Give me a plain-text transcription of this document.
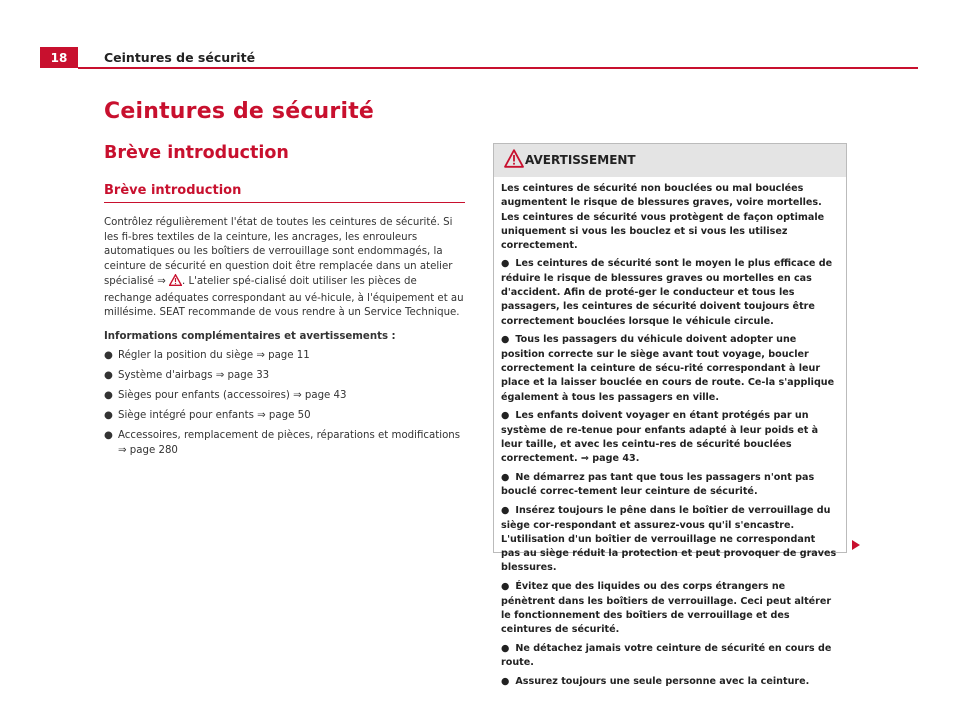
18	Ceintures de sécurité
Ceintures de sécurité
Brève introduction
Brève introduction

Contrôlez régulièrement l'état de toutes les ceintures de sécurité. Si les fi-bres textiles de la ceinture, les ancrages, les enrouleurs automatiques ou les boîtiers de verrouillage sont endommagés, la ceinture de sécurité en question doit être remplacée dans un atelier spécialisé ⇒ . L'atelier spé-cialisé doit utiliser les pièces de rechange adéquates correspondant au vé-hicule, à l'équipement et au millésime. SEAT recommande de vous rendre à un Service Technique.

Informations complémentaires et avertissements :

● Régler la position du siège ⇒ page 11
● Système d'airbags ⇒ page 33
● Sièges pour enfants (accessoires) ⇒ page 43
● Siège intégré pour enfants ⇒ page 50
● Accessoires, remplacement de pièces, réparations et modifications ⇒ page 280
AVERTISSEMENT

Les ceintures de sécurité non bouclées ou mal bouclées augmentent le risque de blessures graves, voire mortelles. Les ceintures de sécurité vous protègent de façon optimale uniquement si vous les bouclez et si vous les utilisez correctement.

● Les ceintures de sécurité sont le moyen le plus efficace de réduire le risque de blessures graves ou mortelles en cas d'accident. Afin de proté-ger le conducteur et tous les passagers, les ceintures de sécurité doivent toujours être correctement bouclées lorsque le véhicule circule.
● Tous les passagers du véhicule doivent adopter une position correcte sur le siège avant tout voyage, boucler correctement la ceinture de sécu-rité correspondant à leur place et la laisser bouclée en cours de route. Ce-la s'applique également à tous les passagers en ville.
● Les enfants doivent voyager en étant protégés par un système de re-tenue pour enfants adapté à leur poids et à leur taille, et avec les ceintu-res de sécurité bouclées correctement. ⇒ page 43.
● Ne démarrez pas tant que tous les passagers n'ont pas bouclé correc-tement leur ceinture de sécurité.
● Insérez toujours le pêne dans le boîtier de verrouillage du siège cor-respondant et assurez-vous qu'il s'encastre. L'utilisation d'un boîtier de verrouillage ne correspondant pas au siège réduit la protection et peut provoquer de graves blessures.
● Évitez que des liquides ou des corps étrangers ne pénètrent dans les boîtiers de verrouillage. Ceci peut altérer le fonctionnement des boîtiers de verrouillage et des ceintures de sécurité.
● Ne détachez jamais votre ceinture de sécurité en cours de route.
● Assurez toujours une seule personne avec la ceinture.
